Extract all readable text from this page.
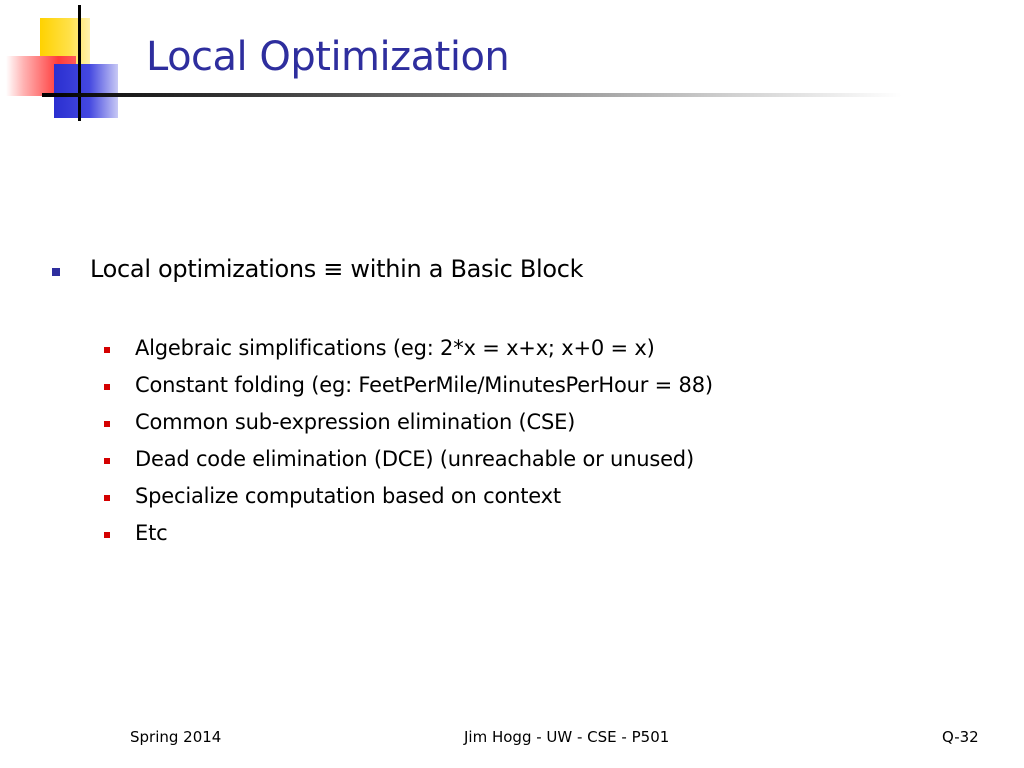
Local Optimization
Local optimizations ≡ within a Basic Block
Algebraic simplifications (eg: 2*x = x+x; x+0 = x)
Constant folding (eg: FeetPerMile/MinutesPerHour = 88)
Common sub-expression elimination (CSE)
Dead code elimination (DCE) (unreachable or unused)
Specialize computation based on context
Etc
Spring 2014	Jim Hogg - UW - CSE - P501	Q-32
